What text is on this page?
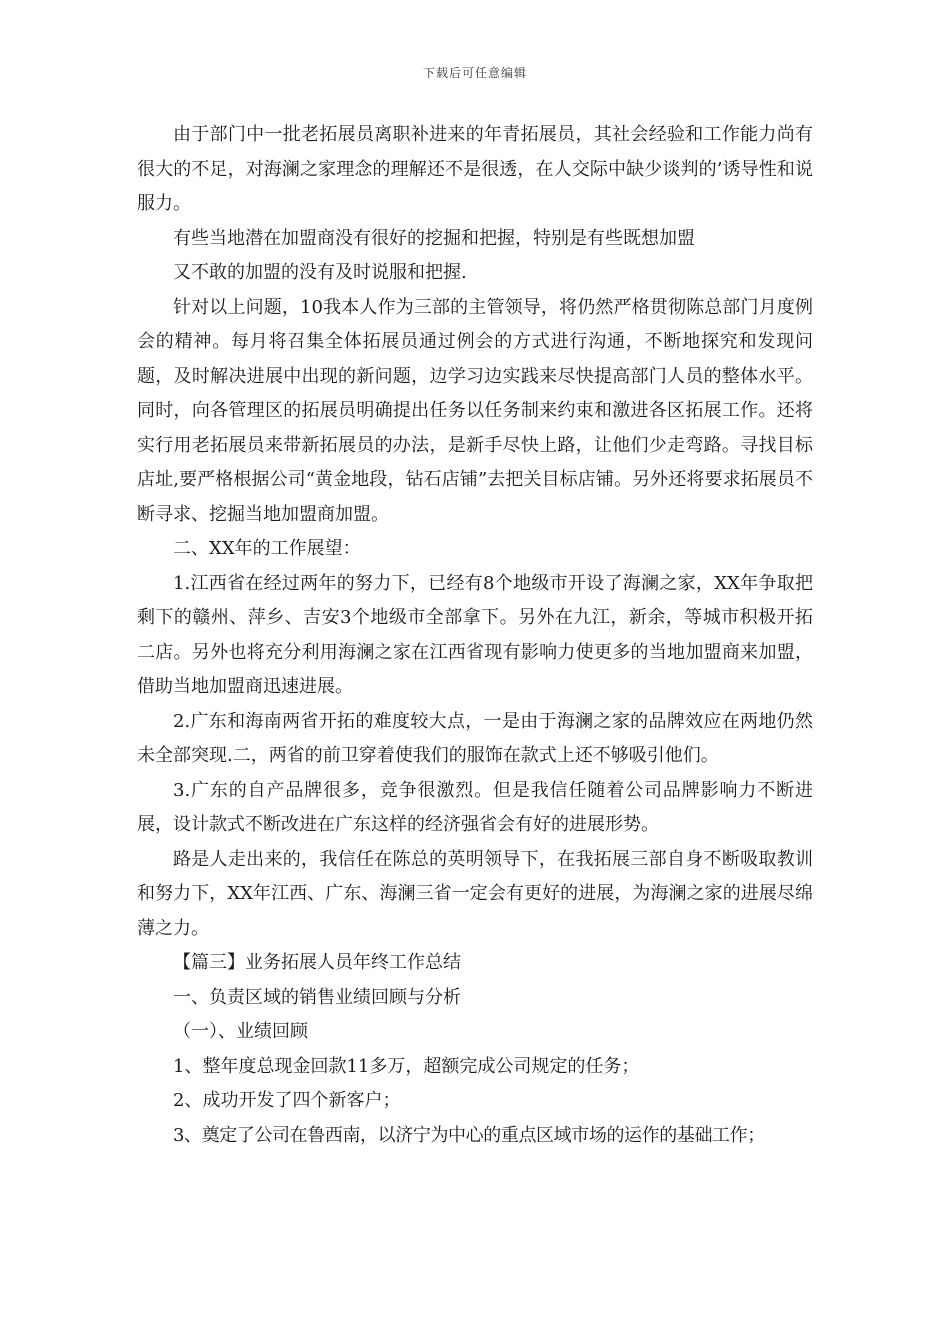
下载后可任意编辑

由于部门中一批老拓展员离职补进来的年青拓展员，其社会经验和工作能力尚有很大的不足，对海澜之家理念的理解还不是很透，在人交际中缺少谈判的’诱导性和说服力。

有些当地潜在加盟商没有很好的挖掘和把握，特别是有些既想加盟

又不敢的加盟的没有及时说服和把握.

针对以上问题，10我本人作为三部的主管领导，将仍然严格贯彻陈总部门月度例会的精神。每月将召集全体拓展员通过例会的方式进行沟通，不断地探究和发现问题，及时解决进展中出现的新问题，边学习边实践来尽快提高部门人员的整体水平。同时，向各管理区的拓展员明确提出任务以任务制来约束和激进各区拓展工作。还将实行用老拓展员来带新拓展员的办法，是新手尽快上路，让他们少走弯路。寻找目标店址,要严格根据公司“黄金地段，钻石店铺”去把关目标店铺。另外还将要求拓展员不断寻求、挖掘当地加盟商加盟。

二、XX年的工作展望：

1.江西省在经过两年的努力下，已经有8个地级市开设了海澜之家，XX年争取把剩下的赣州、萍乡、吉安3个地级市全部拿下。另外在九江，新余，等城市积极开拓二店。另外也将充分利用海澜之家在江西省现有影响力使更多的当地加盟商来加盟，借助当地加盟商迅速进展。

2.广东和海南两省开拓的难度较大点，一是由于海澜之家的品牌效应在两地仍然未全部突现.二，两省的前卫穿着使我们的服饰在款式上还不够吸引他们。

3.广东的自产品牌很多，竞争很激烈。但是我信任随着公司品牌影响力不断进展，设计款式不断改进在广东这样的经济强省会有好的进展形势。

路是人走出来的，我信任在陈总的英明领导下，在我拓展三部自身不断吸取教训和努力下，XX年江西、广东、海澜三省一定会有更好的进展，为海澜之家的进展尽绵薄之力。

【篇三】业务拓展人员年终工作总结

一、负责区域的销售业绩回顾与分析

（一）、业绩回顾

1、整年度总现金回款11多万，超额完成公司规定的任务；

2、成功开发了四个新客户；

3、奠定了公司在鲁西南，以济宁为中心的重点区域市场的运作的基础工作；
